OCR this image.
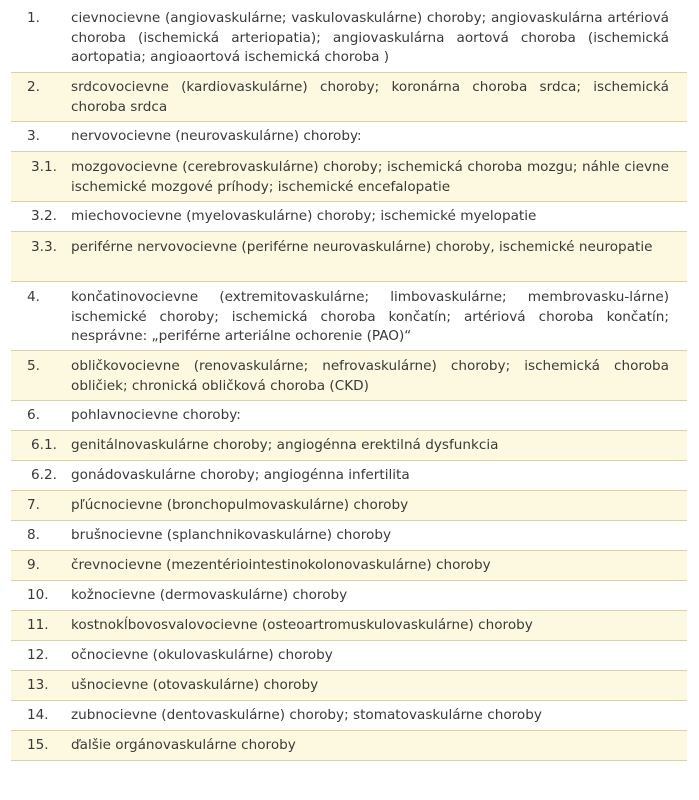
1.	cievnocievne (angiovaskulárne; vaskulovaskulárne) choroby; angiovaskulárna artériová choroba (ischemická arteriopatia); angiovaskulárna aortová choroba (ischemická aortopatia; angioaortová ischemická choroba )
2.	srdcovocievne (kardiovaskulárne) choroby; koronárna choroba srdca; ischemická choroba srdca
3.	nervovocievne (neurovaskulárne) choroby:
3.1.	mozgovocievne (cerebrovaskulárne) choroby; ischemická choroba mozgu; náhle cievne ischemické mozgové príhody; ischemické encefalopatie
3.2.	miechovocievne (myelovaskulárne) choroby; ischemické myelopatie
3.3.	periférne nervovocievne (periférne neurovaskulárne) choroby, ischemické neuropatie
4.	končatinovocievne (extremitovaskulárne; limbovaskulárne; membrovasku-lárne) ischemické choroby; ischemická choroba končatín; artériová choroba končatín; nesprávne: „periférne arteriálne ochorenie (PAO)“
5.	obličkovocievne (renovaskulárne; nefrovaskulárne) choroby; ischemická choroba obličiek; chronická obličková choroba (CKD)
6.	pohlavnocievne choroby:
6.1.	genitálnovaskulárne choroby; angiogénna erektilná dysfunkcia
6.2.	gonádovaskulárne choroby; angiogénna infertilita
7.	pľúcnocievne (bronchopulmovaskulárne) choroby
8.	brušnocievne (splanchnikovaskulárne) choroby
9.	črevnocievne (mezentériointestinokolonovaskulárne) choroby
10.	kožnocievne (dermovaskulárne) choroby
11.	kostnokĺbovosvalovocievne (osteoartromuskulovaskulárne) choroby
12.	očnocievne (okulovaskulárne) choroby
13.	ušnocievne (otovaskulárne) choroby
14.	zubnocievne (dentovaskulárne) choroby; stomatovaskulárne choroby
15.	ďalšie orgánovaskulárne choroby
